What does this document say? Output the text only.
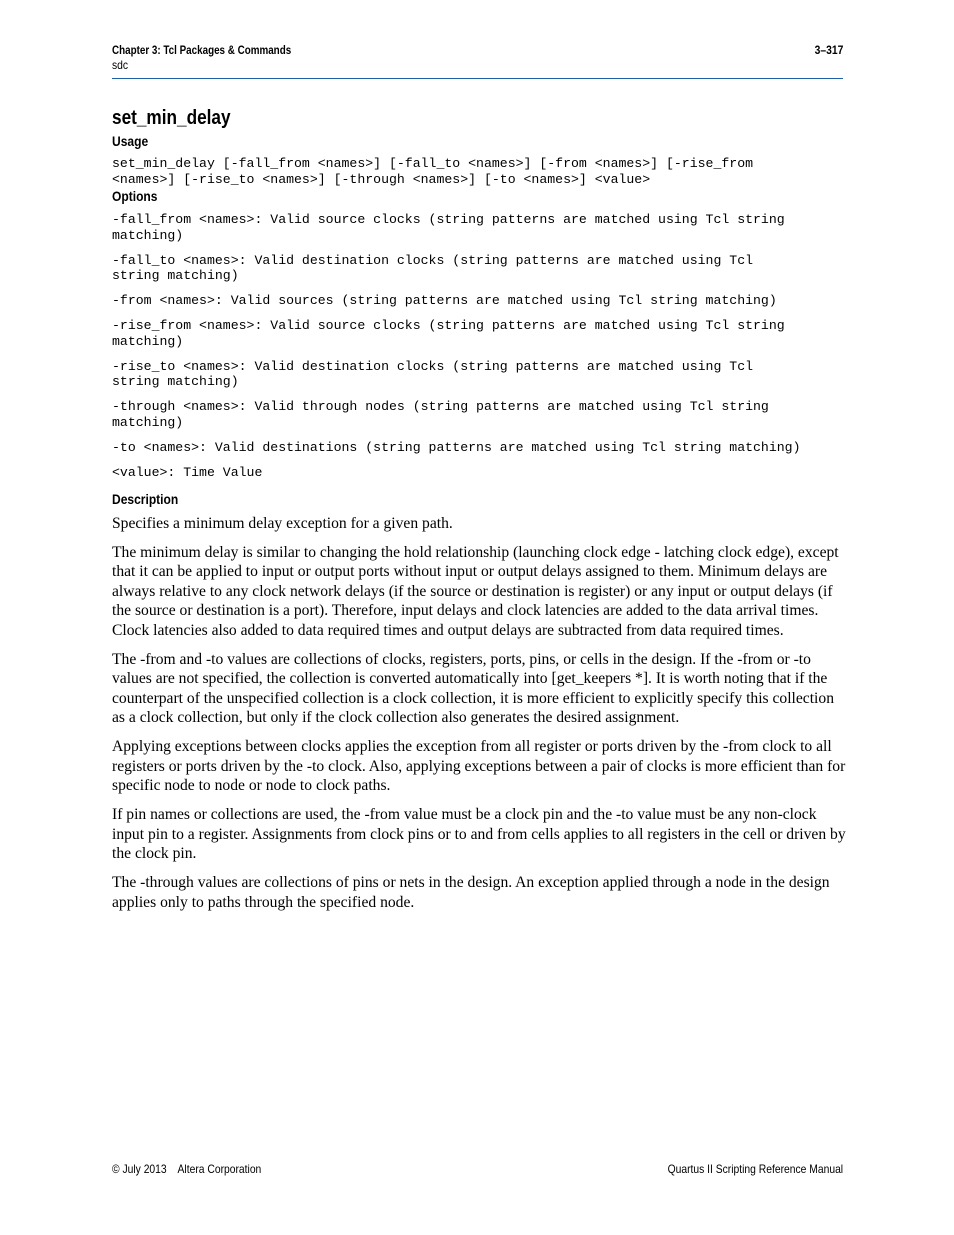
Chapter 3: Tcl Packages & Commands
sdc
3–317
set_min_delay
Usage
set_min_delay [-fall_from <names>] [-fall_to <names>] [-from <names>] [-rise_from
<names>] [-rise_to <names>] [-through <names>] [-to <names>] <value>
Options
-fall_from <names>: Valid source clocks (string patterns are matched using Tcl string
matching)
-fall_to <names>: Valid destination clocks (string patterns are matched using Tcl
string matching)
-from <names>: Valid sources (string patterns are matched using Tcl string matching)
-rise_from <names>: Valid source clocks (string patterns are matched using Tcl string
matching)
-rise_to <names>: Valid destination clocks (string patterns are matched using Tcl
string matching)
-through <names>: Valid through nodes (string patterns are matched using Tcl string
matching)
-to <names>: Valid destinations (string patterns are matched using Tcl string matching)
<value>: Time Value
Description

Specifies a minimum delay exception for a given path.

The minimum delay is similar to changing the hold relationship (launching clock edge - latching clock edge), except that it can be applied to input or output ports without input or output delays assigned to them. Minimum delays are always relative to any clock network delays (if the source or destination is register) or any input or output delays (if the source or destination is a port). Therefore, input delays and clock latencies are added to the data arrival times. Clock latencies also added to data required times and output delays are subtracted from data required times.

The -from and -to values are collections of clocks, registers, ports, pins, or cells in the design. If the -from or -to values are not specified, the collection is converted automatically into [get_keepers *]. It is worth noting that if the counterpart of the unspecified collection is a clock collection, it is more efficient to explicitly specify this collection as a clock collection, but only if the clock collection also generates the desired assignment.

Applying exceptions between clocks applies the exception from all register or ports driven by the -from clock to all registers or ports driven by the -to clock. Also, applying exceptions between a pair of clocks is more efficient than for specific node to node or node to clock paths.

If pin names or collections are used, the -from value must be a clock pin and the -to value must be any non-clock input pin to a register. Assignments from clock pins or to and from cells applies to all registers in the cell or driven by the clock pin.

The -through values are collections of pins or nets in the design. An exception applied through a node in the design applies only to paths through the specified node.

© July 2013    Altera Corporation	Quartus II Scripting Reference Manual
